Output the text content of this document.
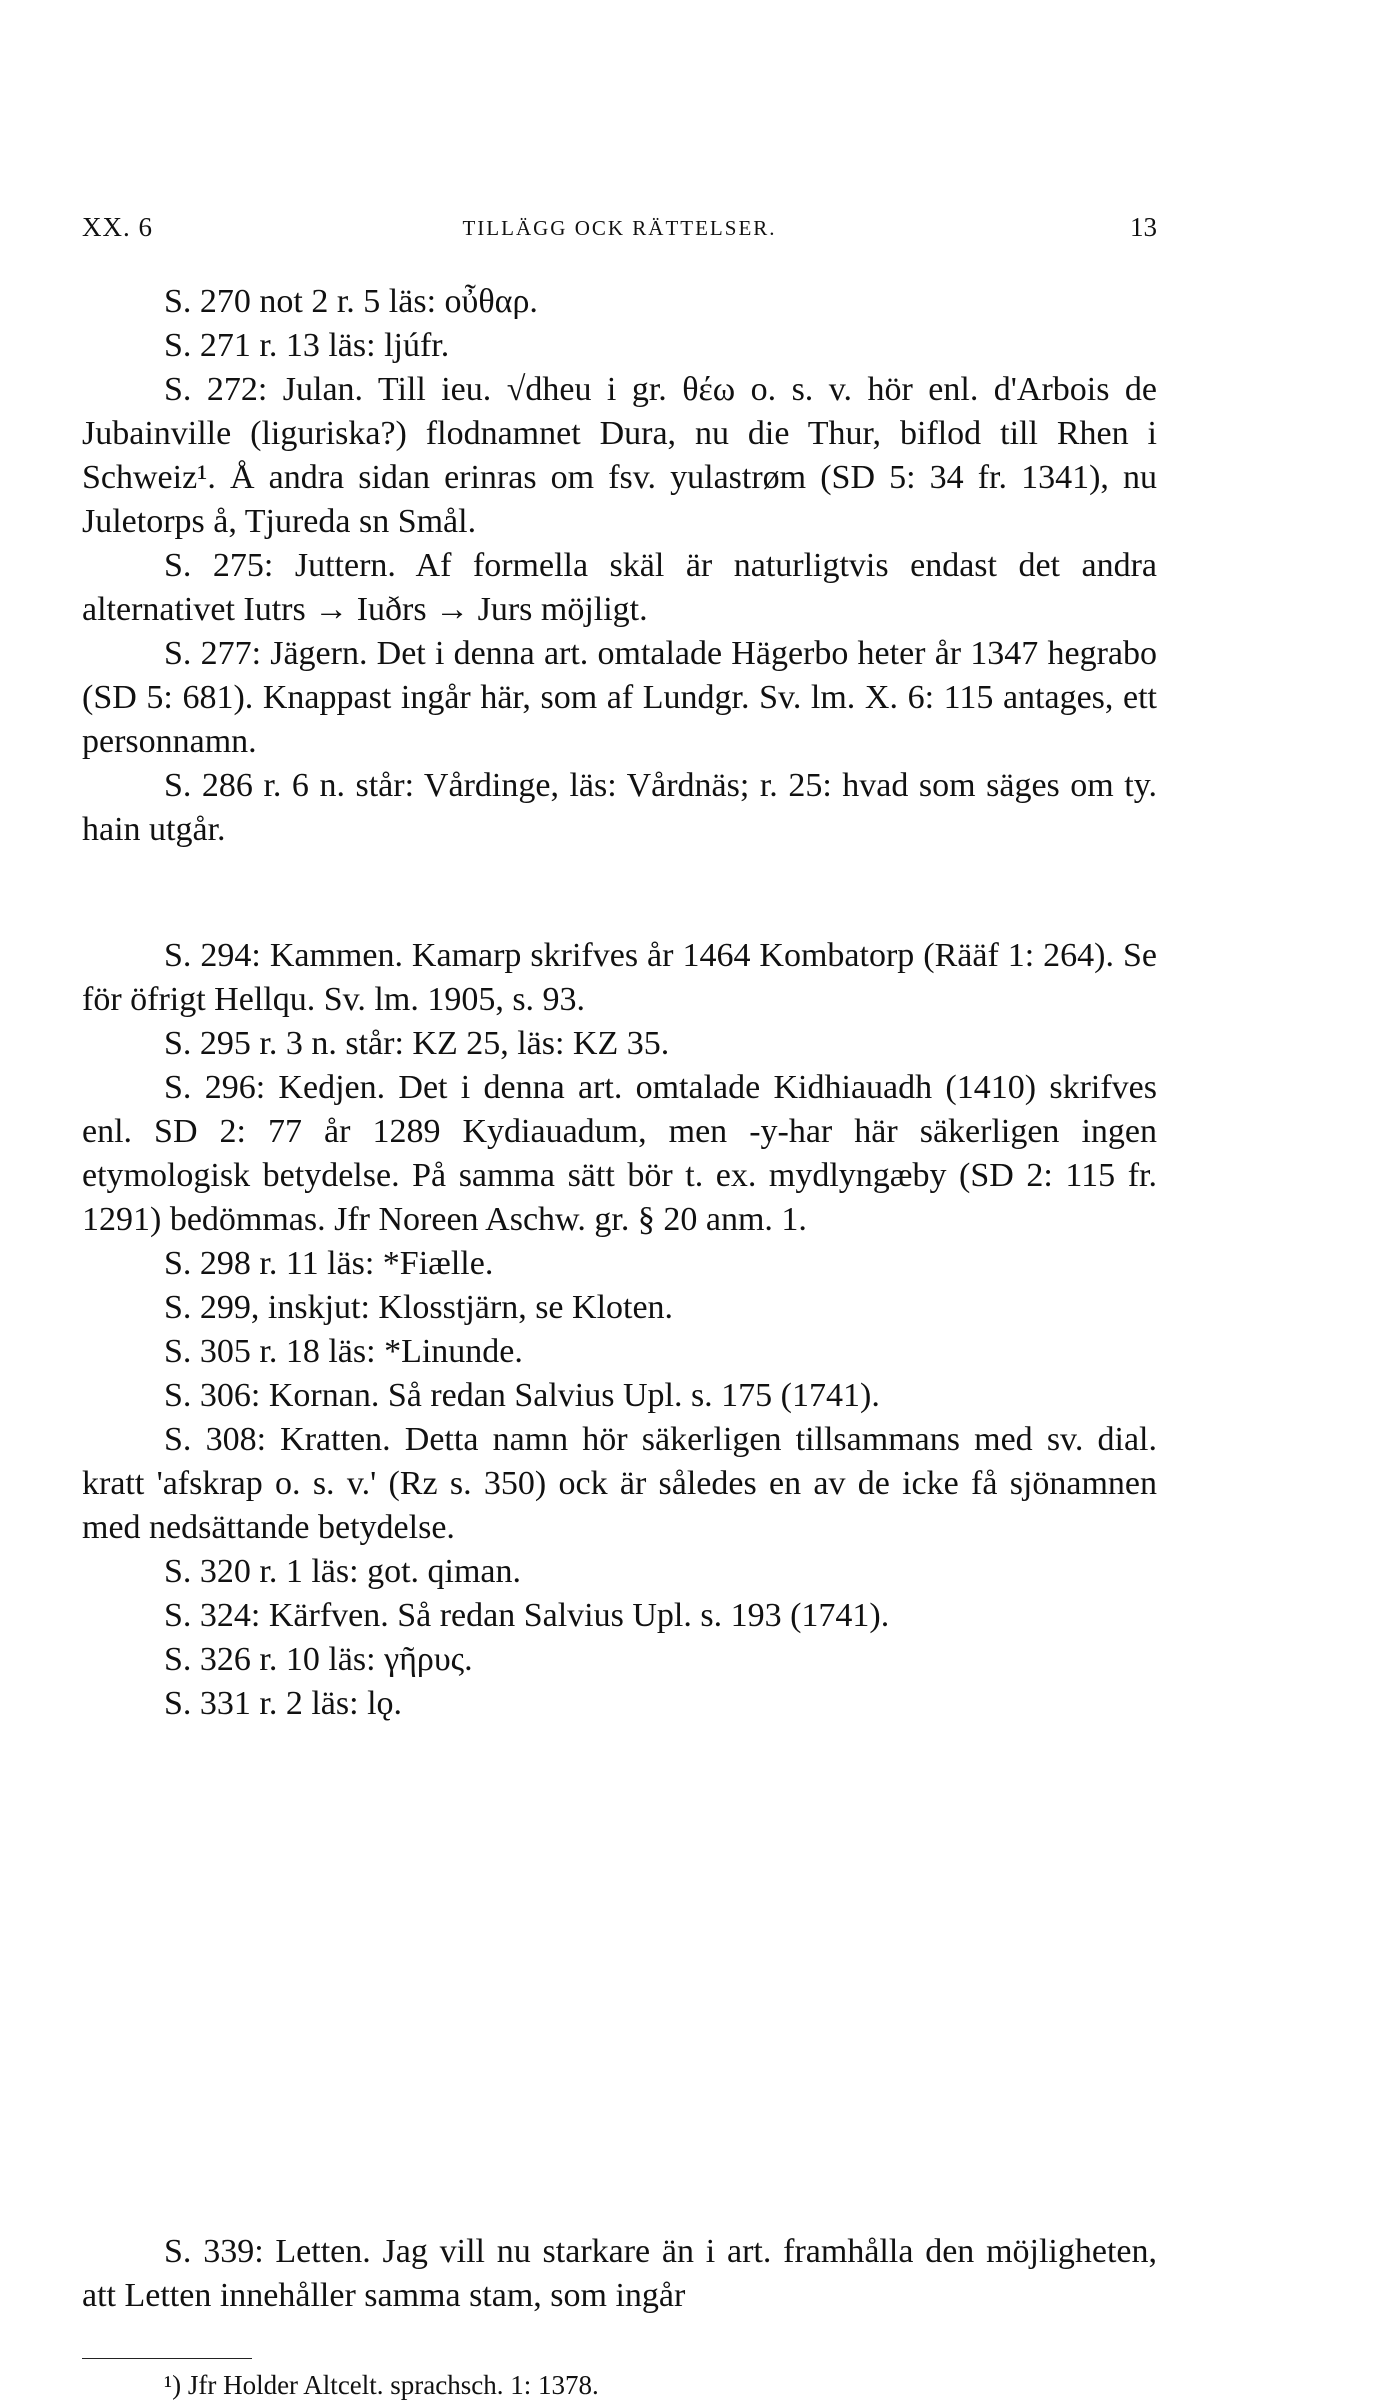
XX. 6	TILLÄGG OCK RÄTTELSER.	13

S. 270 not 2 r. 5 läs: οὖθαρ.

S. 271 r. 13 läs: ljúfr.

S. 272: Julan. Till ieu. √dheu i gr. θέω o. s. v. hör enl. d'Arbois de Jubainville (liguriska?) flodnamnet Dura, nu die Thur, biflod till Rhen i Schweiz¹. Å andra sidan erinras om fsv. yulastrøm (SD 5: 34 fr. 1341), nu Juletorps å, Tjureda sn Smål.

S. 275: Juttern. Af formella skäl är naturligtvis endast det andra alternativet Iutrs → Iuðrs → Jurs möjligt.

S. 277: Jägern. Det i denna art. omtalade Hägerbo heter år 1347 hegrabo (SD 5: 681). Knappast ingår här, som af Lundgr. Sv. lm. X. 6: 115 antages, ett personnamn.

S. 286 r. 6 n. står: Vårdinge, läs: Vårdnäs; r. 25: hvad som säges om ty. hain utgår.

S. 294: Kammen. Kamarp skrifves år 1464 Kombatorp (Rääf 1: 264). Se för öfrigt Hellqu. Sv. lm. 1905, s. 93.

S. 295 r. 3 n. står: KZ 25, läs: KZ 35.

S. 296: Kedjen. Det i denna art. omtalade Kidhiauadh (1410) skrifves enl. SD 2: 77 år 1289 Kydiauadum, men -y-har här säkerligen ingen etymologisk betydelse. På samma sätt bör t. ex. mydlyngæby (SD 2: 115 fr. 1291) bedömmas. Jfr Noreen Aschw. gr. § 20 anm. 1.

S. 298 r. 11 läs: *Fiælle.

S. 299, inskjut: Klosstjärn, se Kloten.

S. 305 r. 18 läs: *Linunde.

S. 306: Kornan. Så redan Salvius Upl. s. 175 (1741).

S. 308: Kratten. Detta namn hör säkerligen tillsammans med sv. dial. kratt 'afskrap o. s. v.' (Rz s. 350) ock är således en av de icke få sjönamnen med nedsättande betydelse.

S. 320 r. 1 läs: got. qiman.

S. 324: Kärfven. Så redan Salvius Upl. s. 193 (1741).

S. 326 r. 10 läs: γῆρυς.

S. 331 r. 2 läs: lǫ.

S. 339: Letten. Jag vill nu starkare än i art. framhålla den möjligheten, att Letten innehåller samma stam, som ingår

¹) Jfr Holder Altcelt. sprachsch. 1: 1378.
